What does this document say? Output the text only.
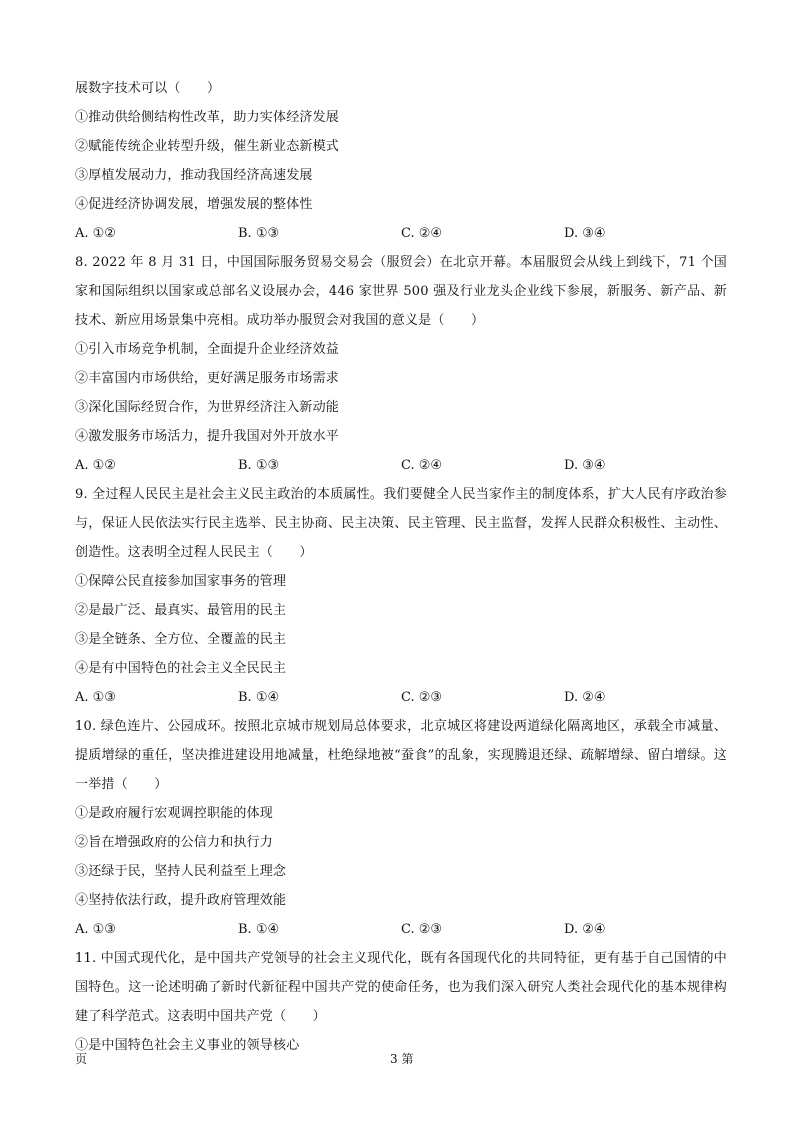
展数字技术可以（　　）
①推动供给侧结构性改革，助力实体经济发展
②赋能传统企业转型升级，催生新业态新模式
③厚植发展动力，推动我国经济高速发展
④促进经济协调发展，增强发展的整体性
A. ①②	B. ①③	C. ②④	D. ③④
8. 2022 年 8 月 31 日，中国国际服务贸易交易会（服贸会）在北京开幕。本届服贸会从线上到线下，71 个国家和国际组织以国家或总部名义设展办会，446 家世界 500 强及行业龙头企业线下参展，新服务、新产品、新技术、新应用场景集中亮相。成功举办服贸会对我国的意义是（　　）
①引入市场竞争机制，全面提升企业经济效益
②丰富国内市场供给，更好满足服务市场需求
③深化国际经贸合作，为世界经济注入新动能
④激发服务市场活力，提升我国对外开放水平
A. ①②	B. ①③	C. ②④	D. ③④
9. 全过程人民民主是社会主义民主政治的本质属性。我们要健全人民当家作主的制度体系，扩大人民有序政治参与，保证人民依法实行民主选举、民主协商、民主决策、民主管理、民主监督，发挥人民群众积极性、主动性、创造性。这表明全过程人民民主（　　）
①保障公民直接参加国家事务的管理
②是最广泛、最真实、最管用的民主
③是全链条、全方位、全覆盖的民主
④是有中国特色的社会主义全民民主
A. ①③	B. ①④	C. ②③	D. ②④
10. 绿色连片、公园成环。按照北京城市规划局总体要求，北京城区将建设两道绿化隔离地区，承载全市减量、提质增绿的重任，坚决推进建设用地减量，杜绝绿地被“蚕食”的乱象，实现腾退还绿、疏解增绿、留白增绿。这一举措（　　）
①是政府履行宏观调控职能的体现
②旨在增强政府的公信力和执行力
③还绿于民，坚持人民利益至上理念
④坚持依法行政，提升政府管理效能
A. ①③	B. ①④	C. ②③	D. ②④
11. 中国式现代化，是中国共产党领导的社会主义现代化，既有各国现代化的共同特征，更有基于自己国情的中国特色。这一论述明确了新时代新征程中国共产党的使命任务，也为我们深入研究人类社会现代化的基本规律构建了科学范式。这表明中国共产党（　　）
①是中国特色社会主义事业的领导核心
页	3 第
